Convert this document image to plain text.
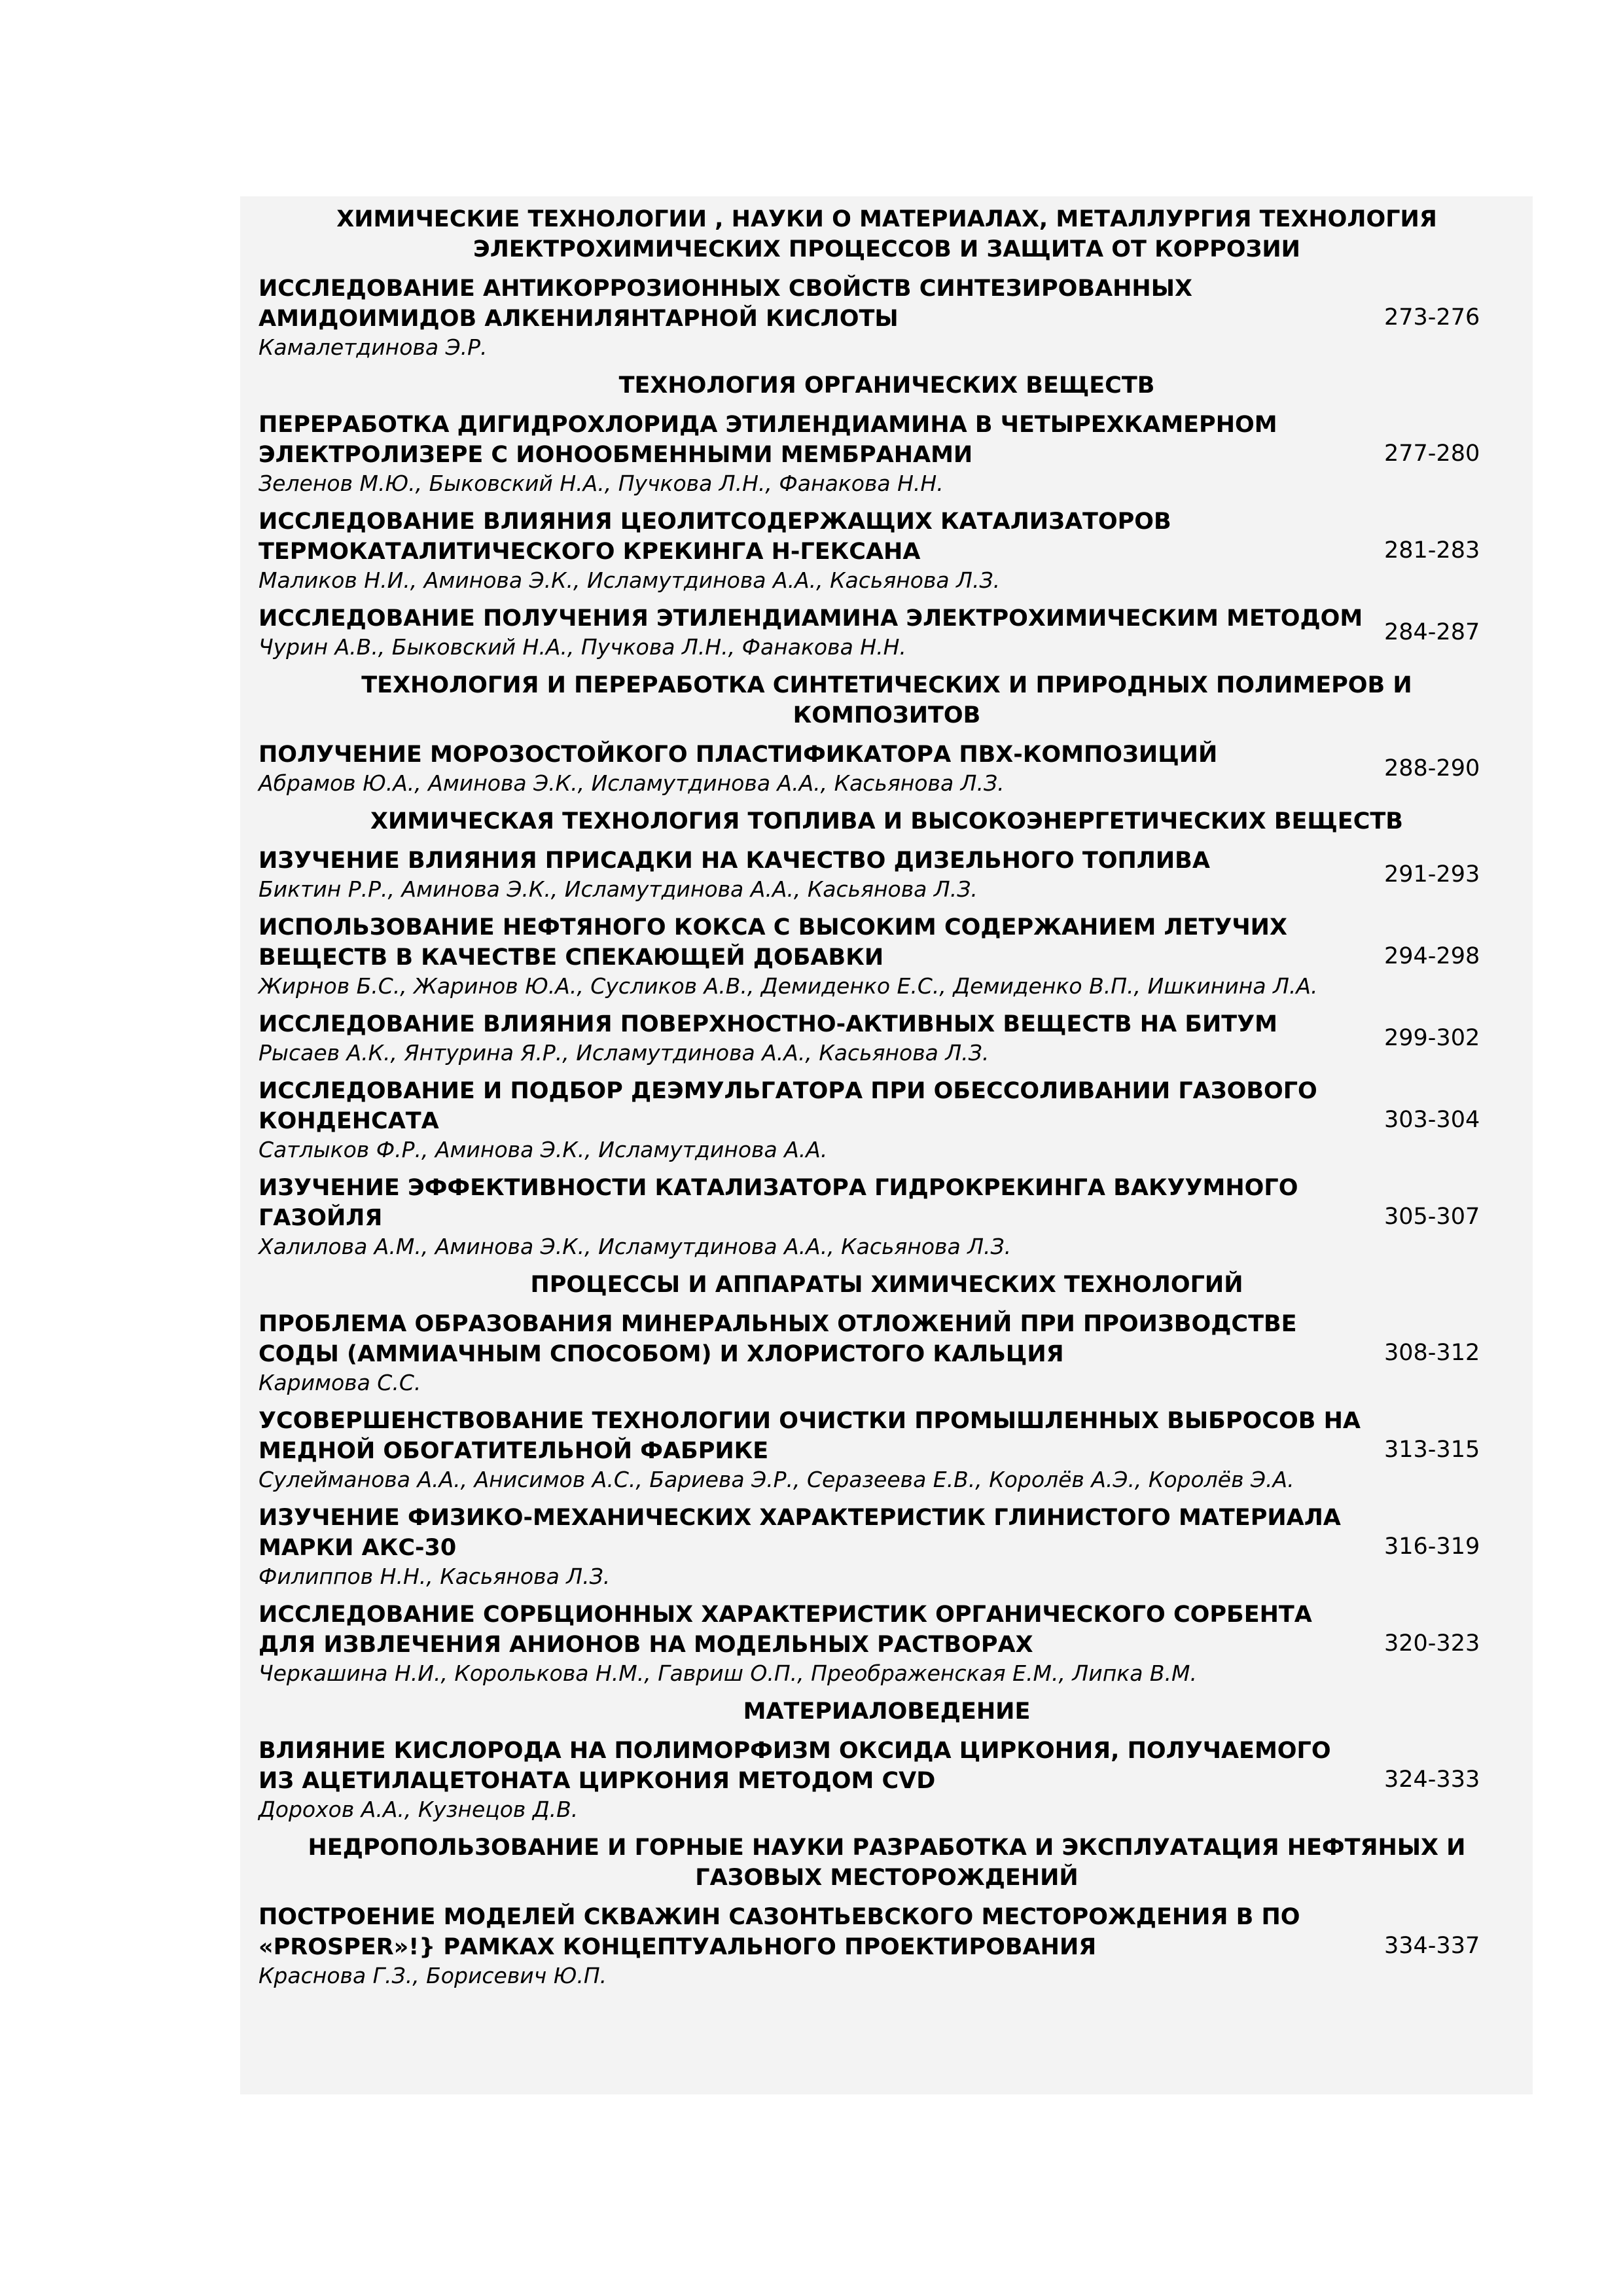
ХИМИЧЕСКИЕ ТЕХНОЛОГИИ , НАУКИ О МАТЕРИАЛАХ, МЕТАЛЛУРГИЯ ТЕХНОЛОГИЯ ЭЛЕКТРОХИМИЧЕСКИХ ПРОЦЕССОВ И ЗАЩИТА ОТ КОРРОЗИИ
ИССЛЕДОВАНИЕ АНТИКОРРОЗИОННЫХ СВОЙСТВ СИНТЕЗИРОВАННЫХ АМИДОИМИДОВ АЛКЕНИЛЯНТАРНОЙ КИСЛОТЫ
Камалетдинова Э.Р.
273-276
ТЕХНОЛОГИЯ ОРГАНИЧЕСКИХ ВЕЩЕСТВ
ПЕРЕРАБОТКА ДИГИДРОХЛОРИДА ЭТИЛЕНДИАМИНА В ЧЕТЫРЕХКАМЕРНОМ ЭЛЕКТРОЛИЗЕРЕ С ИОНООБМЕННЫМИ МЕМБРАНАМИ
Зеленов М.Ю., Быковский Н.А., Пучкова Л.Н., Фанакова Н.Н.
277-280
ИССЛЕДОВАНИЕ ВЛИЯНИЯ ЦЕОЛИТСОДЕРЖАЩИХ КАТАЛИЗАТОРОВ ТЕРМОКАТАЛИТИЧЕСКОГО КРЕКИНГА Н-ГЕКСАНА
Маликов Н.И., Аминова Э.К., Исламутдинова А.А., Касьянова Л.З.
281-283
ИССЛЕДОВАНИЕ ПОЛУЧЕНИЯ ЭТИЛЕНДИАМИНА ЭЛЕКТРОХИМИЧЕСКИМ МЕТОДОМ
Чурин А.В., Быковский Н.А., Пучкова Л.Н., Фанакова Н.Н.
284-287
ТЕХНОЛОГИЯ И ПЕРЕРАБОТКА СИНТЕТИЧЕСКИХ И ПРИРОДНЫХ ПОЛИМЕРОВ И КОМПОЗИТОВ
ПОЛУЧЕНИЕ МОРОЗОСТОЙКОГО ПЛАСТИФИКАТОРА ПВХ-КОМПОЗИЦИЙ
Абрамов Ю.А., Аминова Э.К., Исламутдинова А.А., Касьянова Л.З.
288-290
ХИМИЧЕСКАЯ ТЕХНОЛОГИЯ ТОПЛИВА И ВЫСОКОЭНЕРГЕТИЧЕСКИХ ВЕЩЕСТВ
ИЗУЧЕНИЕ ВЛИЯНИЯ ПРИСАДКИ НА КАЧЕСТВО ДИЗЕЛЬНОГО ТОПЛИВА
Биктин Р.Р., Аминова Э.К., Исламутдинова А.А., Касьянова Л.З.
291-293
ИСПОЛЬЗОВАНИЕ НЕФТЯНОГО КОКСА С ВЫСОКИМ СОДЕРЖАНИЕМ ЛЕТУЧИХ ВЕЩЕСТВ В КАЧЕСТВЕ СПЕКАЮЩЕЙ ДОБАВКИ
Жирнов Б.С., Жаринов Ю.А., Сусликов А.В., Демиденко Е.С., Демиденко В.П., Ишкинина Л.А.
294-298
ИССЛЕДОВАНИЕ ВЛИЯНИЯ ПОВЕРХНОСТНО-АКТИВНЫХ ВЕЩЕСТВ НА БИТУМ
Рысаев А.К., Янтурина Я.Р., Исламутдинова А.А., Касьянова Л.З.
299-302
ИССЛЕДОВАНИЕ И ПОДБОР ДЕЭМУЛЬГАТОРА ПРИ ОБЕССОЛИВАНИИ ГАЗОВОГО КОНДЕНСАТА
Сатлыков Ф.Р., Аминова Э.К., Исламутдинова А.А.
303-304
ИЗУЧЕНИЕ ЭФФЕКТИВНОСТИ КАТАЛИЗАТОРА ГИДРОКРЕКИНГА ВАКУУМНОГО ГАЗОЙЛЯ
Халилова А.М., Аминова Э.К., Исламутдинова А.А., Касьянова Л.З.
305-307
ПРОЦЕССЫ И АППАРАТЫ ХИМИЧЕСКИХ ТЕХНОЛОГИЙ
ПРОБЛЕМА ОБРАЗОВАНИЯ МИНЕРАЛЬНЫХ ОТЛОЖЕНИЙ ПРИ ПРОИЗВОДСТВЕ СОДЫ (АММИАЧНЫМ СПОСОБОМ) И ХЛОРИСТОГО КАЛЬЦИЯ
Каримова С.С.
308-312
УСОВЕРШЕНСТВОВАНИЕ ТЕХНОЛОГИИ ОЧИСТКИ ПРОМЫШЛЕННЫХ ВЫБРОСОВ НА МЕДНОЙ ОБОГАТИТЕЛЬНОЙ ФАБРИКЕ
Сулейманова А.А., Анисимов А.С., Бариева Э.Р., Серазеева Е.В., Королёв А.Э., Королёв Э.А.
313-315
ИЗУЧЕНИЕ ФИЗИКО-МЕХАНИЧЕСКИХ ХАРАКТЕРИСТИК ГЛИНИСТОГО МАТЕРИАЛА МАРКИ АКС-30
Филиппов Н.Н., Касьянова Л.З.
316-319
ИССЛЕДОВАНИЕ СОРБЦИОННЫХ ХАРАКТЕРИСТИК ОРГАНИЧЕСКОГО СОРБЕНТА ДЛЯ ИЗВЛЕЧЕНИЯ АНИОНОВ НА МОДЕЛЬНЫХ РАСТВОРАХ
Черкашина Н.И., Королькова Н.М., Гавриш О.П., Преображенская Е.М., Липка В.М.
320-323
МАТЕРИАЛОВЕДЕНИЕ
ВЛИЯНИЕ КИСЛОРОДА НА ПОЛИМОРФИЗМ ОКСИДА ЦИРКОНИЯ, ПОЛУЧАЕМОГО ИЗ АЦЕТИЛАЦЕТОНАТА ЦИРКОНИЯ МЕТОДОМ CVD
Дорохов А.А., Кузнецов Д.В.
324-333
НЕДРОПОЛЬЗОВАНИЕ И ГОРНЫЕ НАУКИ РАЗРАБОТКА И ЭКСПЛУАТАЦИЯ НЕФТЯНЫХ И ГАЗОВЫХ МЕСТОРОЖДЕНИЙ
ПОСТРОЕНИЕ МОДЕЛЕЙ СКВАЖИН САЗОНТЬЕВСКОГО МЕСТОРОЖДЕНИЯ В ПО «PROSPER»!} РАМКАХ КОНЦЕПТУАЛЬНОГО ПРОЕКТИРОВАНИЯ
Краснова Г.З., Борисевич Ю.П.
334-337
